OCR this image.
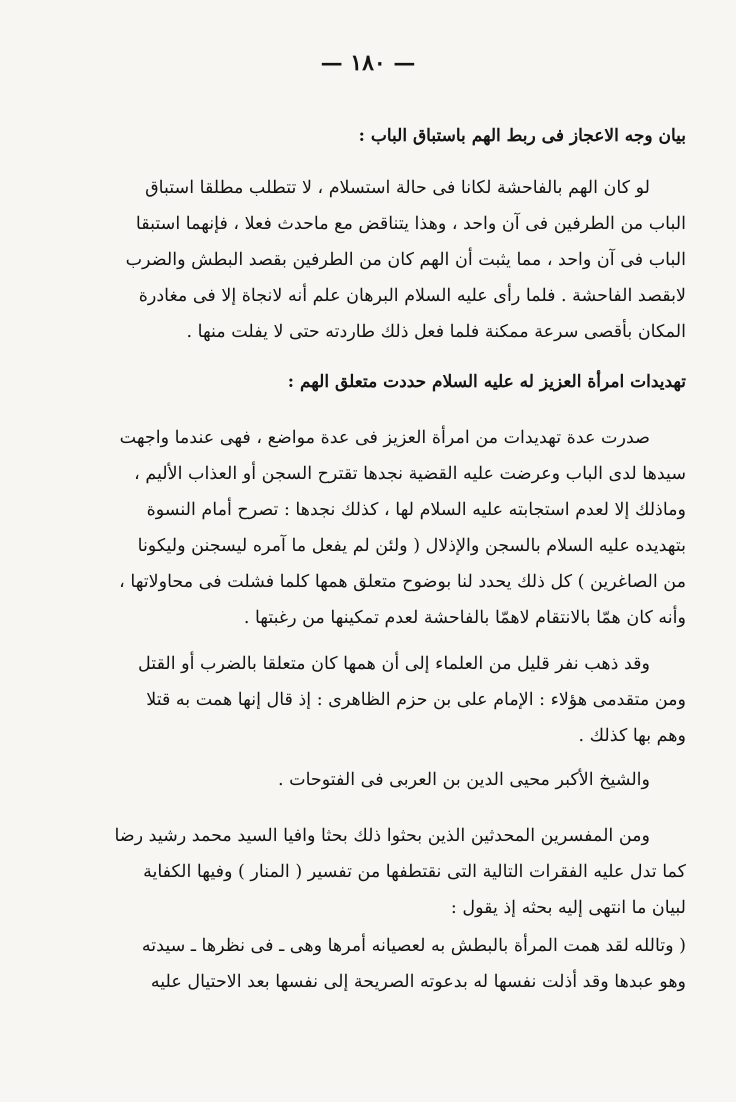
— ١٨٠ —
بيان وجه الاعجاز فى ربط الهم باستباق الباب :
لو كان الهم بالفاحشة لكانا فى حالة استسلام ، لا تتطلب مطلقا استباق
الباب من الطرفين فى آن واحد ، وهذا يتناقض مع ماحدث فعلا ، فإنهما استبقا
الباب فى آن واحد ، مما يثبت أن الهم كان من الطرفين بقصد البطش والضرب
لابقصد الفاحشة . فلما رأى عليه السلام البرهان علم أنه لانجاة إلا فى مغادرة
المكان بأقصى سرعة ممكنة فلما فعل ذلك طاردته حتى لا يفلت منها .
تهديدات امرأة العزيز له عليه السلام حددت متعلق الهم :
صدرت عدة تهديدات من امرأة العزيز فى عدة مواضع ، فهى عندما واجهت
سيدها لدى الباب وعرضت عليه القضية نجدها تقترح السجن أو العذاب الأليم ،
وماذلك إلا لعدم استجابته عليه السلام لها ، كذلك نجدها : تصرح أمام النسوة
بتهديده عليه السلام بالسجن والإذلال ( ولئن لم يفعل ما آمره ليسجنن وليكونا
من الصاغرين ) كل ذلك يحدد لنا بوضوح متعلق همها كلما فشلت فى محاولاتها ،
وأنه كان همّا بالانتقام لاهمّا بالفاحشة لعدم تمكينها من رغبتها .
وقد ذهب نفر قليل من العلماء إلى أن همها كان متعلقا بالضرب أو القتل
ومن متقدمى هؤلاء : الإمام على بن حزم الظاهرى : إذ قال إنها همت به قتلا
وهم بها كذلك .
والشيخ الأكبر محيى الدين بن العربى فى الفتوحات .
ومن المفسرين المحدثين الذين بحثوا ذلك بحثا وافيا السيد محمد رشيد رضا
كما تدل عليه الفقرات التالية التى نقتطفها من تفسير ( المنار ) وفيها الكفاية
لبيان ما انتهى إليه بحثه إذ يقول :
( وتالله لقد همت المرأة بالبطش به لعصيانه أمرها وهى ـ فى نظرها ـ سيدته
وهو عبدها وقد أذلت نفسها له بدعوته الصريحة إلى نفسها بعد الاحتيال عليه
